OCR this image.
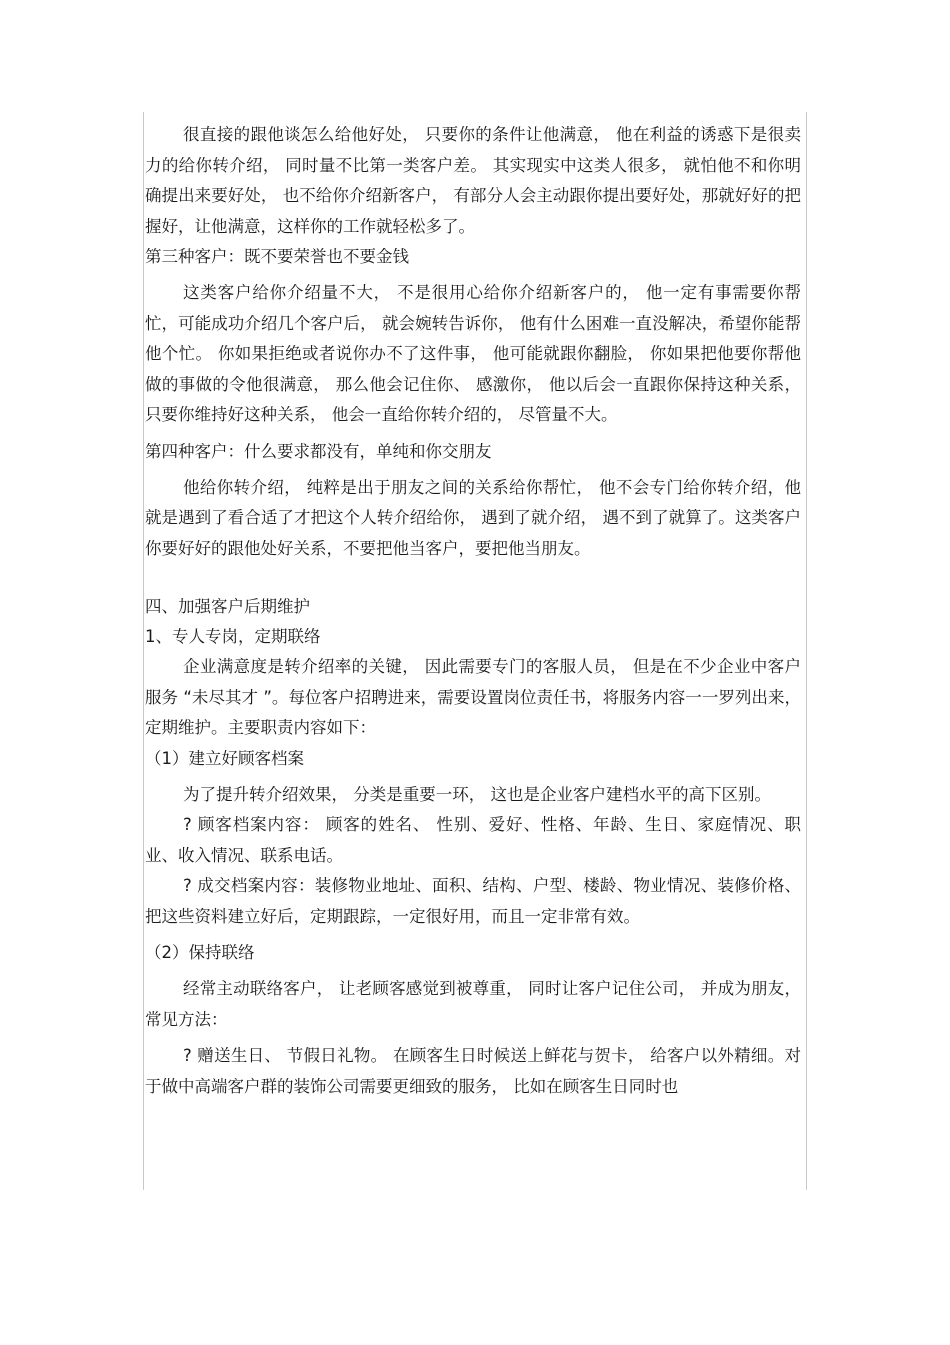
很直接的跟他谈怎么给他好处， 只要你的条件让他满意， 他在利益的诱惑下是很卖力的给你转介绍， 同时量不比第一类客户差。 其实现实中这类人很多， 就怕他不和你明确提出来要好处， 也不给你介绍新客户， 有部分人会主动跟你提出要好处，那就好好的把握好，让他满意，这样你的工作就轻松多了。

第三种客户：既不要荣誉也不要金钱

这类客户给你介绍量不大， 不是很用心给你介绍新客户的， 他一定有事需要你帮忙，可能成功介绍几个客户后， 就会婉转告诉你， 他有什么困难一直没解决，希望你能帮他个忙。 你如果拒绝或者说你办不了这件事， 他可能就跟你翻脸， 你如果把他要你帮他做的事做的令他很满意， 那么他会记住你、 感激你， 他以后会一直跟你保持这种关系， 只要你维持好这种关系， 他会一直给你转介绍的， 尽管量不大。

第四种客户：什么要求都没有，单纯和你交朋友

他给你转介绍， 纯粹是出于朋友之间的关系给你帮忙， 他不会专门给你转介绍，他就是遇到了看合适了才把这个人转介绍给你， 遇到了就介绍， 遇不到了就算了。这类客户你要好好的跟他处好关系，不要把他当客户，要把他当朋友。

四、加强客户后期维护

1、专人专岗，定期联络

企业满意度是转介绍率的关键， 因此需要专门的客服人员， 但是在不少企业中客户服务 “未尽其才 ”。每位客户招聘进来，需要设置岗位责任书，将服务内容一一罗列出来，定期维护。主要职责内容如下：

（1）建立好顾客档案

为了提升转介绍效果， 分类是重要一环， 这也是企业客户建档水平的高下区别。

? 顾客档案内容： 顾客的姓名、 性别、爱好、性格、年龄、生日、家庭情况、职业、收入情况、联系电话。

? 成交档案内容：装修物业地址、面积、结构、户型、楼龄、物业情况、装修价格、把这些资料建立好后，定期跟踪，一定很好用，而且一定非常有效。

（2）保持联络

经常主动联络客户， 让老顾客感觉到被尊重， 同时让客户记住公司， 并成为朋友，常见方法：

? 赠送生日、 节假日礼物。 在顾客生日时候送上鲜花与贺卡， 给客户以外精细。对于做中高端客户群的装饰公司需要更细致的服务， 比如在顾客生日同时也
